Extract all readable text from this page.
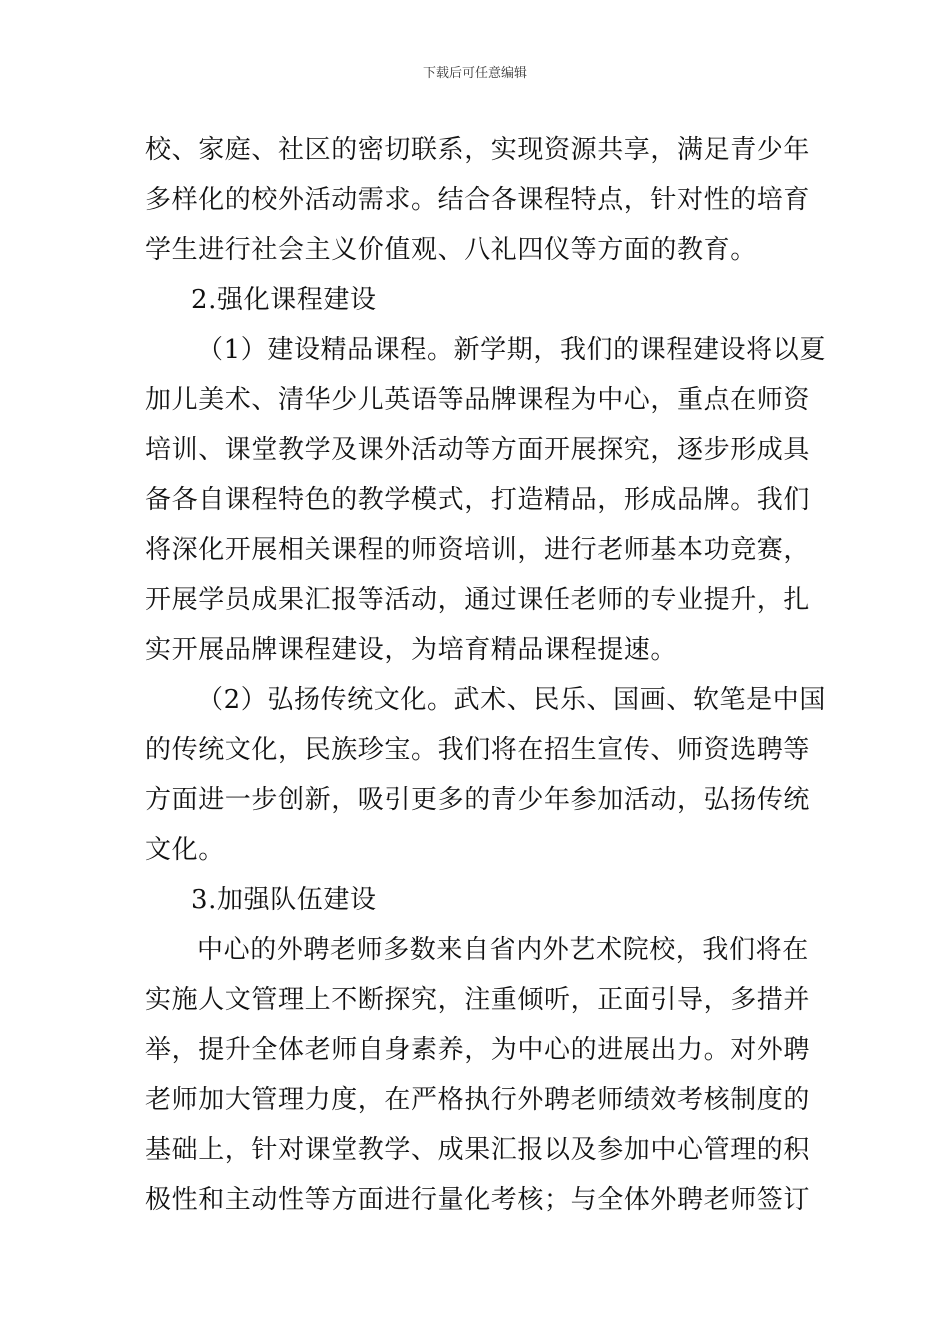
下载后可任意编辑
校、家庭、社区的密切联系，实现资源共享，满足青少年
多样化的校外活动需求。结合各课程特点，针对性的培育
学生进行社会主义价值观、八礼四仪等方面的教育。
2.强化课程建设
（1）建设精品课程。新学期，我们的课程建设将以夏
加儿美术、清华少儿英语等品牌课程为中心，重点在师资
培训、课堂教学及课外活动等方面开展探究，逐步形成具
备各自课程特色的教学模式，打造精品，形成品牌。我们
将深化开展相关课程的师资培训，进行老师基本功竞赛，
开展学员成果汇报等活动，通过课任老师的专业提升，扎
实开展品牌课程建设，为培育精品课程提速。
（2）弘扬传统文化。武术、民乐、国画、软笔是中国
的传统文化，民族珍宝。我们将在招生宣传、师资选聘等
方面进一步创新，吸引更多的青少年参加活动，弘扬传统
文化。
3.加强队伍建设
中心的外聘老师多数来自省内外艺术院校，我们将在
实施人文管理上不断探究，注重倾听，正面引导，多措并
举，提升全体老师自身素养，为中心的进展出力。对外聘
老师加大管理力度，在严格执行外聘老师绩效考核制度的
基础上，针对课堂教学、成果汇报以及参加中心管理的积
极性和主动性等方面进行量化考核；与全体外聘老师签订
